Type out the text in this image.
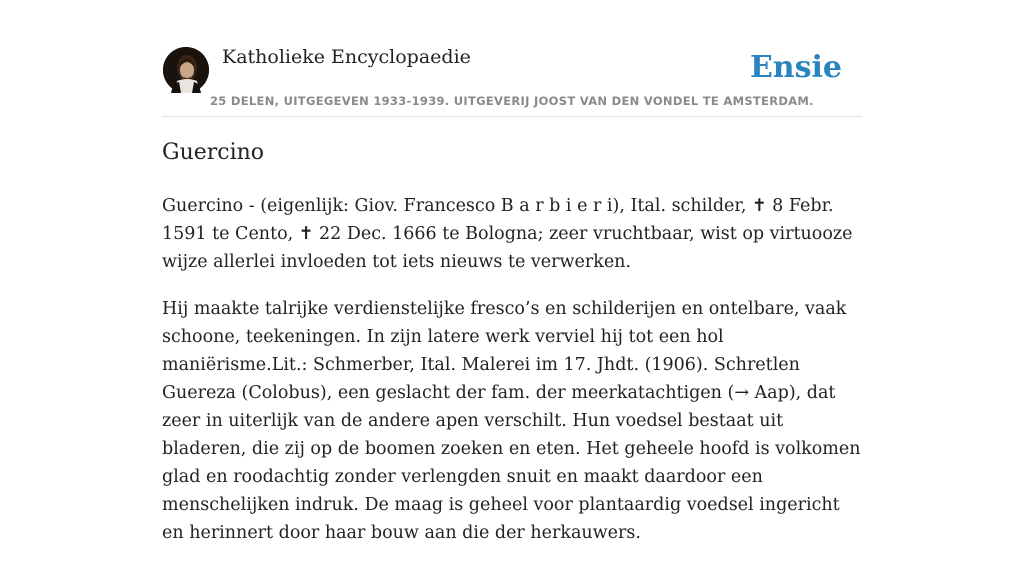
Katholieke Encyclopaedie	Ensie
25 DELEN, UITGEGEVEN 1933-1939. UITGEVERIJ JOOST VAN DEN VONDEL TE AMSTERDAM.
Guercino

Guercino - (eigenlijk: Giov. Francesco B a r b i e r i), Ital. schilder, ✝ 8 Febr. 1591 te Cento, ✝ 22 Dec. 1666 te Bologna; zeer vruchtbaar, wist op virtuooze wijze allerlei invloeden tot iets nieuws te verwerken.

Hij maakte talrijke verdienstelijke fresco’s en schilderijen en ontelbare, vaak schoone, teekeningen. In zijn latere werk verviel hij tot een hol maniërisme.Lit.: Schmerber, Ital. Malerei im 17. Jhdt. (1906). Schretlen Guereza (Colobus), een geslacht der fam. der meerkatachtigen (→ Aap), dat zeer in uiterlijk van de andere apen verschilt. Hun voedsel bestaat uit bladeren, die zij op de boomen zoeken en eten. Het geheele hoofd is volkomen glad en roodachtig zonder verlengden snuit en maakt daardoor een menschelijken indruk. De maag is geheel voor plantaardig voedsel ingericht en herinnert door haar bouw aan die der herkauwers.
